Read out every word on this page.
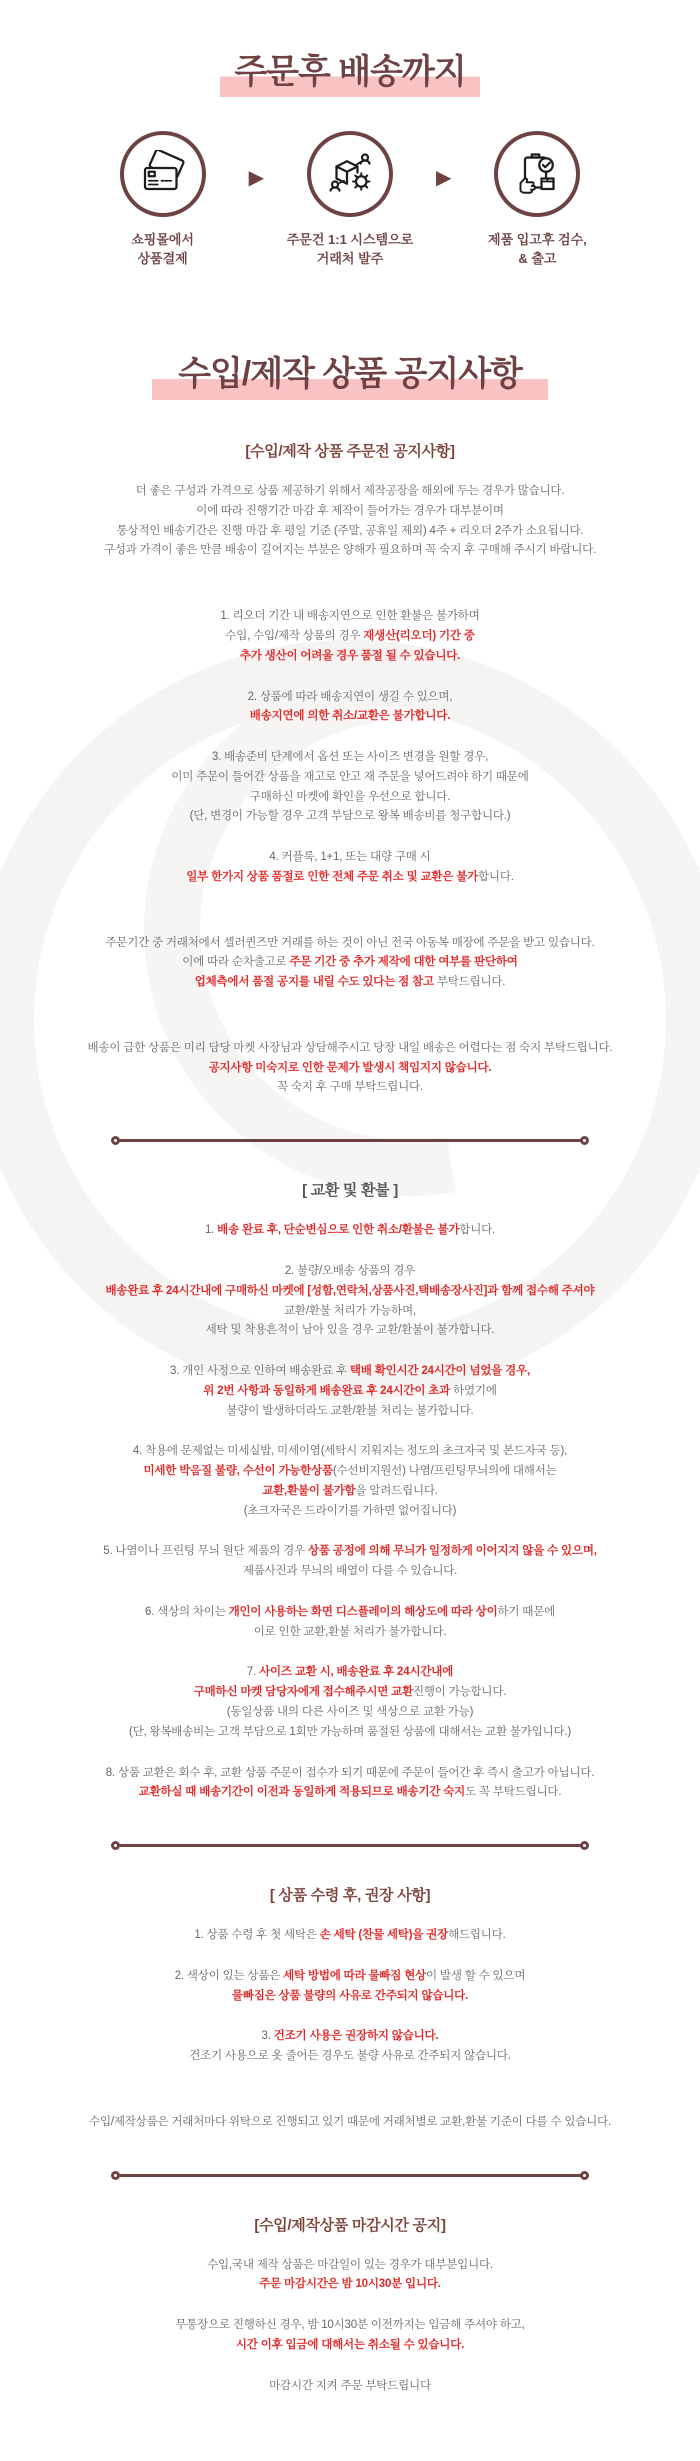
주문후 배송까지
쇼핑몰에서
상품결제
▶
주문건 1:1 시스템으로
거래처 발주
▶
제품 입고후 검수,
& 출고
수입/제작 상품 공지사항
[수입/제작 상품 주문전 공지사항]

더 좋은 구성과 가격으로 상품 제공하기 위해서 제작공장을 해외에 두는 경우가 많습니다.
이에 따라 진행기간 마감 후 제작이 들어가는 경우가 대부분이며
통상적인 배송기간은 진행 마감 후 평일 기준 (주말, 공휴일 제외) 4주 + 리오더 2주가 소요됩니다.
구성과 가격이 좋은 만큼 배송이 길어지는 부분은 양해가 필요하며 꼭 숙지 후 구매해 주시기 바랍니다.

1. 리오더 기간 내 배송지연으로 인한 환불은 불가하며
수입, 수입/제작 상품의 경우 재생산(리오더) 기간 중
추가 생산이 어려울 경우 품절 될 수 있습니다.

2. 상품에 따라 배송지연이 생길 수 있으며,
배송지연에 의한 취소/교환은 불가합니다.

3. 배송준비 단계에서 옵션 또는 사이즈 변경을 원할 경우,
이미 주문이 들어간 상품을 재고로 안고 재 주문을 넣어드려야 하기 때문에
구매하신 마켓에 확인을 우선으로 합니다.
(단, 변경이 가능할 경우 고객 부담으로 왕복 배송비를 청구합니다.)

4. 커플룩, 1+1, 또는 대량 구매 시
일부 한가지 상품 품절로 인한 전체 주문 취소 및 교환은 불가합니다.

주문기간 중 거래처에서 셀러퀸즈만 거래를 하는 것이 아닌 전국 아동복 매장에 주문을 받고 있습니다.
이에 따라 순차출고로 주문 기간 중 추가 제작에 대한 여부를 판단하여
업체측에서 품절 공지를 내릴 수도 있다는 점 참고 부탁드립니다.

배송이 급한 상품은 미리 담당 마켓 사장님과 상담해주시고 당장 내일 배송은 어렵다는 점 숙지 부탁드립니다.
공지사항 미숙지로 인한 문제가 발생시 책임지지 않습니다.
꼭 숙지 후 구매 부탁드립니다.

[ 교환 및 환불 ]

1. 배송 완료 후, 단순변심으로 인한 취소/환불은 불가합니다.

2. 불량/오배송 상품의 경우
배송완료 후 24시간내에 구매하신 마켓에 [성함,연락처,상품사진,택배송장사진]과 함께 접수해 주셔야
교환/환불 처리가 가능하며,
세탁 및 착용흔적이 남아 있을 경우 교환/환불이 불가합니다.

3. 개인 사정으로 인하여 배송완료 후 택배 확인시간 24시간이 넘었을 경우,
위 2번 사항과 동일하게 배송완료 후 24시간이 초과 하였기에
불량이 발생하더라도 교환/환불 처리는 불가합니다.

4. 착용에 문제없는 미세실밥, 미세이염(세탁시 지워지는 정도의 초크자국 및 본드자국 등),
미세한 박음질 불량, 수선이 가능한상품(수선비지원선) 나염/프린팅무늬의에 대해서는
교환,환불이 불가함을 알려드립니다.
(초크자국은 드라이기를 가하면 없어집니다)

5. 나염이나 프린팅 무늬 원단 제품의 경우 상품 공정에 의해 무늬가 일정하게 이어지지 않을 수 있으며,
제품사진과 무늬의 배열이 다를 수 있습니다.

6. 색상의 차이는 개인이 사용하는 화면 디스플레이의 해상도에 따라 상이하기 때문에
이로 인한 교환,환불 처리가 불가합니다.

7. 사이즈 교환 시, 배송완료 후 24시간내에
구매하신 마켓 담당자에게 접수해주시면 교환진행이 가능합니다.
(동일상품 내의 다른 사이즈 및 색상으로 교환 가능)
(단, 왕복배송비는 고객 부담으로 1회만 가능하며 품절된 상품에 대해서는 교환 불가입니다.)

8. 상품 교환은 회수 후, 교환 상품 주문이 접수가 되기 때문에 주문이 들어간 후 즉시 출고가 아닙니다.
교환하실 때 배송기간이 이전과 동일하게 적용되므로 배송기간 숙지도 꼭 부탁드립니다.

[ 상품 수령 후, 권장 사항]

1. 상품 수령 후 첫 세탁은 손 세탁 (찬물 세탁)을 권장해드립니다.

2. 색상이 있는 상품은 세탁 방법에 따라 물빠짐 현상이 발생 할 수 있으며
물빠짐은 상품 불량의 사유로 간주되지 않습니다.

3. 건조기 사용은 권장하지 않습니다.
건조기 사용으로 옷 줄어든 경우도 불량 사유로 간주되지 않습니다.

수입/제작상품은 거래처마다 위탁으로 진행되고 있기 때문에 거래처별로 교환,환불 기준이 다를 수 있습니다.

[수입/제작상품 마감시간 공지]

수입,국내 제작 상품은 마감일이 있는 경우가 대부분입니다.
주문 마감시간은 밤 10시30분 입니다.

무통장으로 진행하신 경우, 밤 10시30분 이전까지는 입금해 주셔야 하고,
시간 이후 입금에 대해서는 취소될 수 있습니다.

마감시간 지켜 주문 부탁드립니다
